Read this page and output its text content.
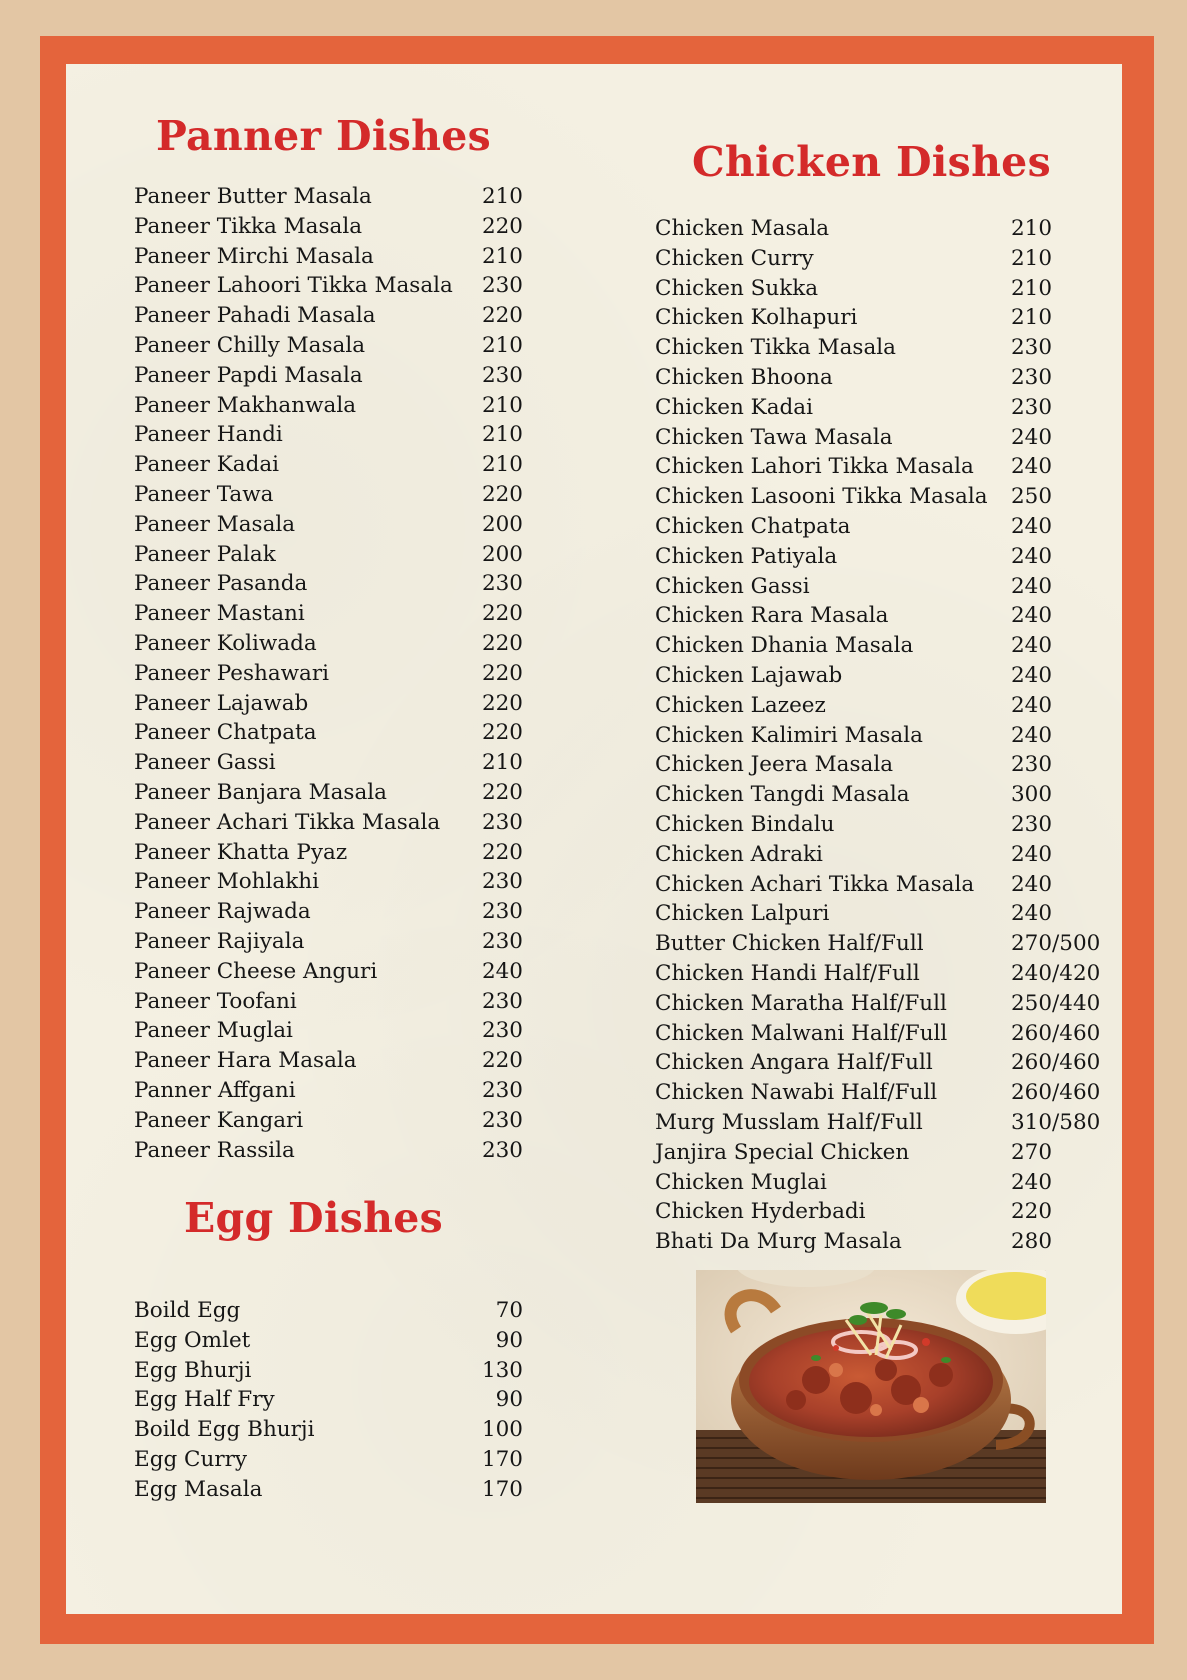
Panner Dishes
Paneer Butter Masala	210
Paneer Tikka Masala	220
Paneer Mirchi Masala	210
Paneer Lahoori Tikka Masala 230
Paneer Pahadi Masala	220
Paneer Chilly Masala	210
Paneer Papdi Masala	230
Paneer Makhanwala	210
Paneer Handi	210
Paneer Kadai	210
Paneer Tawa	220
Paneer Masala	200
Paneer Palak	200
Paneer Pasanda	230
Paneer Mastani	220
Paneer Koliwada	220
Paneer Peshawari	220
Paneer Lajawab	220
Paneer Chatpata	220
Paneer Gassi	210
Paneer Banjara Masala	220
Paneer Achari Tikka Masala 230
Paneer Khatta Pyaz	220
Paneer Mohlakhi	230
Paneer Rajwada	230
Paneer Rajiyala	230
Paneer Cheese Anguri	240
Paneer Toofani	230
Paneer Muglai	230
Paneer Hara Masala	220
Panner Affgani	230
Paneer Kangari	230
Paneer Rassila	230
Egg Dishes
Boild Egg	70
Egg Omlet	90
Egg Bhurji	130
Egg Half Fry	90
Boild Egg Bhurji	100
Egg Curry	170
Egg Masala	170
Chicken Dishes
Chicken Masala	210
Chicken Curry	210
Chicken Sukka	210
Chicken Kolhapuri	210
Chicken Tikka Masala	230
Chicken Bhoona	230
Chicken Kadai	230
Chicken Tawa Masala	240
Chicken Lahori Tikka Masala 240
Chicken Lasooni Tikka Masala 250
Chicken Chatpata	240
Chicken Patiyala	240
Chicken Gassi	240
Chicken Rara Masala	240
Chicken Dhania Masala	240
Chicken Lajawab	240
Chicken Lazeez	240
Chicken Kalimiri Masala	240
Chicken Jeera Masala	230
Chicken Tangdi Masala	300
Chicken Bindalu	230
Chicken Adraki	240
Chicken Achari Tikka Masala 240
Chicken Lalpuri	240
Butter Chicken Half/Full	270/500
Chicken Handi Half/Full	240/420
Chicken Maratha Half/Full	250/440
Chicken Malwani Half/Full	260/460
Chicken Angara Half/Full	260/460
Chicken Nawabi Half/Full	260/460
Murg Musslam Half/Full	310/580
Janjira Special Chicken	270
Chicken Muglai	240
Chicken Hyderbadi	220
Bhati Da Murg Masala	280
